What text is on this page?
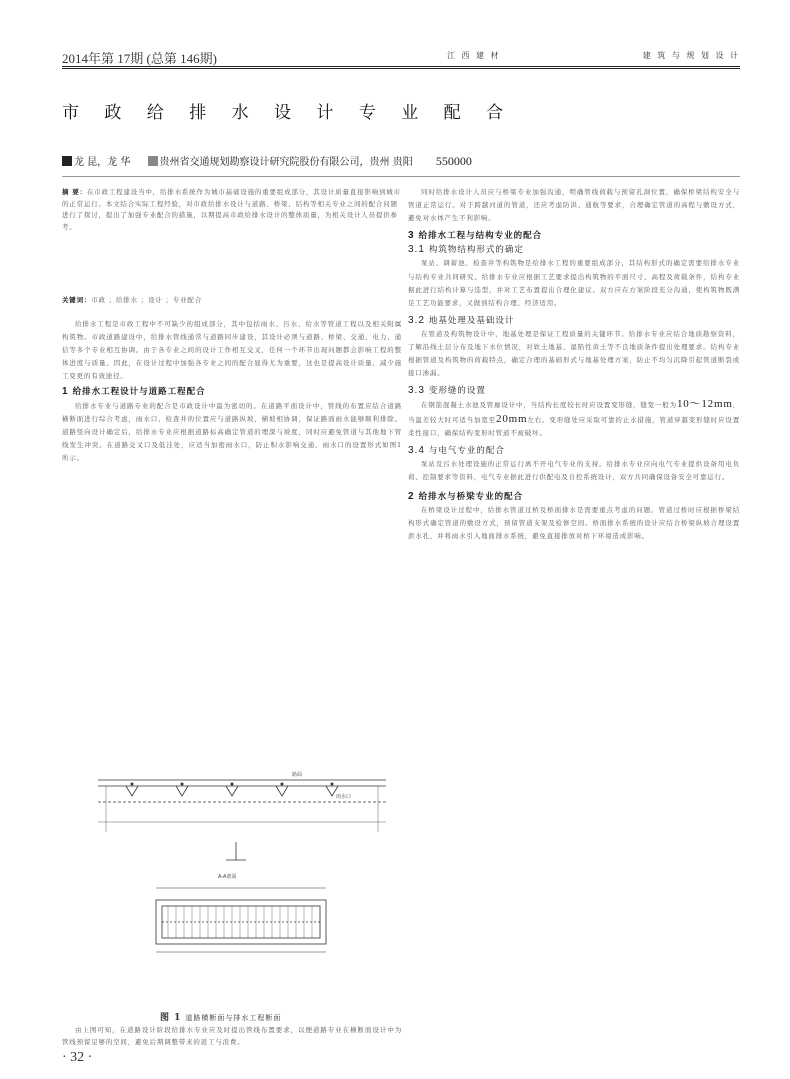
2014年第 17期 (总第 146期)	江 西 建 材	建 筑 与 规 划 设 计
市 政 给 排 水 设 计 专 业 配 合
龙 昆，龙 华	贵州省交通规划勘察设计研究院股份有限公司，贵州 贵阳 550000
摘 要：在市政工程建设当中，给排水系统作为城市基础设施的重要组成部分，其设计质量直接影响到城市的正常运行。本文结合实际工程经验，对市政给排水设计与道路、桥梁、结构等相关专业之间的配合问题进行了探讨，提出了加强专业配合的措施，以期提高市政给排水设计的整体质量，为相关设计人员提供参考。
关键词：市政 ；给排水 ；设计 ；专业配合

给排水工程是市政工程中不可缺少的组成部分，其中包括雨水、污水、给水等管道工程以及相关附属构筑物。市政道路建设中，给排水管线通常与道路同步建设，其设计必须与道路、桥梁、交通、电力、通信等多个专业相互协调。由于各专业之间的设计工作相互交叉，任何一个环节出现问题都会影响工程的整体进度与质量。因此，在设计过程中加强各专业之间的配合显得尤为重要，这也是提高设计质量、减少施工变更的有效途径。

1 给排水工程设计与道路工程配合

给排水专业与道路专业的配合是市政设计中最为密切的。在道路平面设计中，管线的布置应结合道路横断面进行综合考虑，雨水口、检查井的位置应与道路纵坡、横坡相协调，保证路面雨水能够顺利排除。道路竖向设计确定后，给排水专业应根据道路标高确定管道的埋深与坡度，同时应避免管道与其他地下管线发生冲突。在道路交叉口及低洼处，应适当加密雨水口，防止积水影响交通。雨水口的设置形式如图1所示。

路面
雨水口
A-A剖面
图 1 道路横断面与排水工程断面

由上图可知，在道路设计阶段给排水专业应及时提出管线布置要求，以便道路专业在横断面设计中为管线预留足够的空间，避免后期调整带来的返工与浪费。

同时给排水设计人员应与桥梁专业加强沟通，明确管线荷载与预留孔洞位置，确保桥梁结构安全与管道正常运行。对于跨越河道的管道，还应考虑防洪、通航等要求，合理确定管道的高程与敷设方式，避免对水体产生不利影响。

3 给排水工程与结构专业的配合

3.1 构筑物结构形式的确定

泵站、调蓄池、检查井等构筑物是给排水工程的重要组成部分，其结构形式的确定需要给排水专业与结构专业共同研究。给排水专业应根据工艺要求提出构筑物的平面尺寸、高程及荷载条件，结构专业据此进行结构计算与选型，并对工艺布置提出合理化建议。双方应在方案阶段充分沟通，使构筑物既满足工艺功能要求，又做到结构合理、经济适用。

3.2 地基处理及基础设计

在管道及构筑物设计中，地基处理是保证工程质量的关键环节。给排水专业应结合地质勘察资料，了解沿线土层分布及地下水位情况，对软土地基、湿陷性黄土等不良地质条件提出处理要求。结构专业根据管道及构筑物的荷载特点，确定合理的基础形式与地基处理方案，防止不均匀沉降引起管道断裂或接口渗漏。

3.3 变形缝的设置

在钢筋混凝土水池及管廊设计中，当结构长度较长时应设置变形缝，缝宽一般为10～12mm，当温差较大时可适当加宽至20mm左右。变形缝处应采取可靠的止水措施，管道穿越变形缝时应设置柔性接口，确保结构变形时管道不被破坏。

3.4 与电气专业的配合

泵站及污水处理设施的正常运行离不开电气专业的支持。给排水专业应向电气专业提供设备用电负荷、控制要求等资料，电气专业据此进行供配电及自控系统设计，双方共同确保设备安全可靠运行。

2 给排水与桥梁专业的配合

在桥梁设计过程中，给排水管道过桥及桥面排水是需要重点考虑的问题。管道过桥时应根据桥梁结构形式确定管道的敷设方式，预留管道支架及检修空间。桥面排水系统的设计应结合桥梁纵坡合理设置泄水孔，并将雨水引入地面排水系统，避免直接排放对桥下环境造成影响。

· 32 ·
